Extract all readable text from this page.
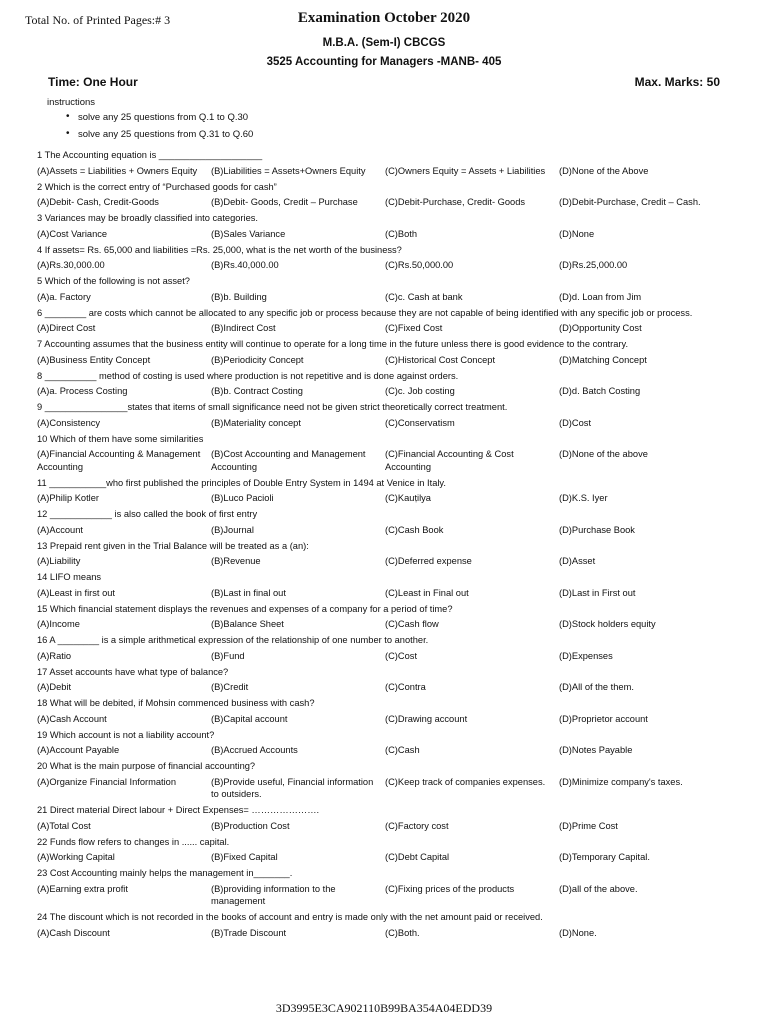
Total No. of Printed Pages:# 3	Examination October 2020
M.B.A. (Sem-I) CBCGS
3525 Accounting for Managers -MANB- 405
Time: One Hour	Max. Marks: 50
instructions
• solve any 25 questions from Q.1 to Q.30
• solve any 25 questions from Q.31 to Q.60
1 The Accounting equation is ____________________
(A)Assets = Liabilities + Owners Equity	(B)Liabilities = Assets+Owners Equity	(C)Owners Equity = Assets + Liabilities	(D)None of the Above
2 Which is the correct entry of “Purchased goods for cash”
(A)Debit- Cash, Credit-Goods	(B)Debit- Goods, Credit – Purchase	(C)Debit-Purchase, Credit- Goods	(D)Debit-Purchase, Credit – Cash.
3 Variances may be broadly classified into categories.
(A)Cost Variance	(B)Sales Variance	(C)Both	(D)None
4 If assets= Rs. 65,000 and liabilities =Rs. 25,000, what is the net worth of the business?
(A)Rs.30,000.00	(B)Rs.40,000.00	(C)Rs.50,000.00	(D)Rs.25,000.00
5 Which of the following is not asset?
(A)a. Factory	(B)b. Building	(C)c. Cash at bank	(D)d. Loan from Jim
6 ________ are costs which cannot be allocated to any specific job or process because they are not capable of being identified with any specific job or process.
(A)Direct Cost	(B)Indirect Cost	(C)Fixed Cost	(D)Opportunity Cost
7 Accounting assumes that the business entity will continue to operate for a long time in the future unless there is good evidence to the contrary.
(A)Business Entity Concept	(B)Periodicity Concept	(C)Historical Cost Concept	(D)Matching Concept
8 __________ method of costing is used where production is not repetitive and is done against orders.
(A)a. Process Costing	(B)b. Contract Costing	(C)c. Job costing	(D)d. Batch Costing
9 ________________states that items of small significance need not be given strict theoretically correct treatment.
(A)Consistency	(B)Materiality concept	(C)Conservatism	(D)Cost
10 Which of them have some similarities
(A)Financial Accounting & Management Accounting
(B)Cost Accounting and Management Accounting
(C)Financial Accounting & Cost Accounting
(D)None of the above
11 ___________who first published the principles of Double Entry System in 1494 at Venice in Italy.
(A)Philip Kotler	(B)Luco Pacioli	(C)Kauṭilya	(D)K.S. Iyer
12 ____________ is also called the book of first entry
(A)Account	(B)Journal	(C)Cash Book	(D)Purchase Book
13 Prepaid rent given in the Trial Balance will be treated as a (an):
(A)Liability	(B)Revenue	(C)Deferred expense	(D)Asset
14 LIFO means
(A)Least in first out	(B)Last in final out	(C)Least in Final out	(D)Last in First out
15 Which financial statement displays the revenues and expenses of a company for a period of time?
(A)Income	(B)Balance Sheet	(C)Cash flow	(D)Stock holders equity
16 A ________ is a simple arithmetical expression of the relationship of one number to another.
(A)Ratio	(B)Fund	(C)Cost	(D)Expenses
17 Asset accounts have what type of balance?
(A)Debit	(B)Credit	(C)Contra	(D)All of the them.
18 What will be debited, if Mohsin commenced business with cash?
(A)Cash Account	(B)Capital account	(C)Drawing account	(D)Proprietor account
19 Which account is not a liability account?
(A)Account Payable	(B)Accrued Accounts	(C)Cash	(D)Notes Payable
20 What is the main purpose of financial accounting?
(A)Organize Financial Information	(B)Provide useful, Financial information to outsiders.
(C)Keep track of companies expenses.	(D)Minimize company's taxes.
21 Direct material Direct labour + Direct Expenses= ………………….
(A)Total Cost	(B)Production Cost	(C)Factory cost	(D)Prime Cost
22 Funds flow refers to changes in ...... capital.
(A)Working Capital	(B)Fixed Capital	(C)Debt Capital	(D)Temporary Capital.
23 Cost Accounting mainly helps the management in_______.
(A)Earning extra profit	(B)providing information to the management
(C)Fixing prices of the products	(D)all of the above.
24 The discount which is not recorded in the books of account and entry is made only with the net amount paid or received.
(A)Cash Discount	(B)Trade Discount	(C)Both.	(D)None.
3D3995E3CA902110B99BA354A04EDD39
